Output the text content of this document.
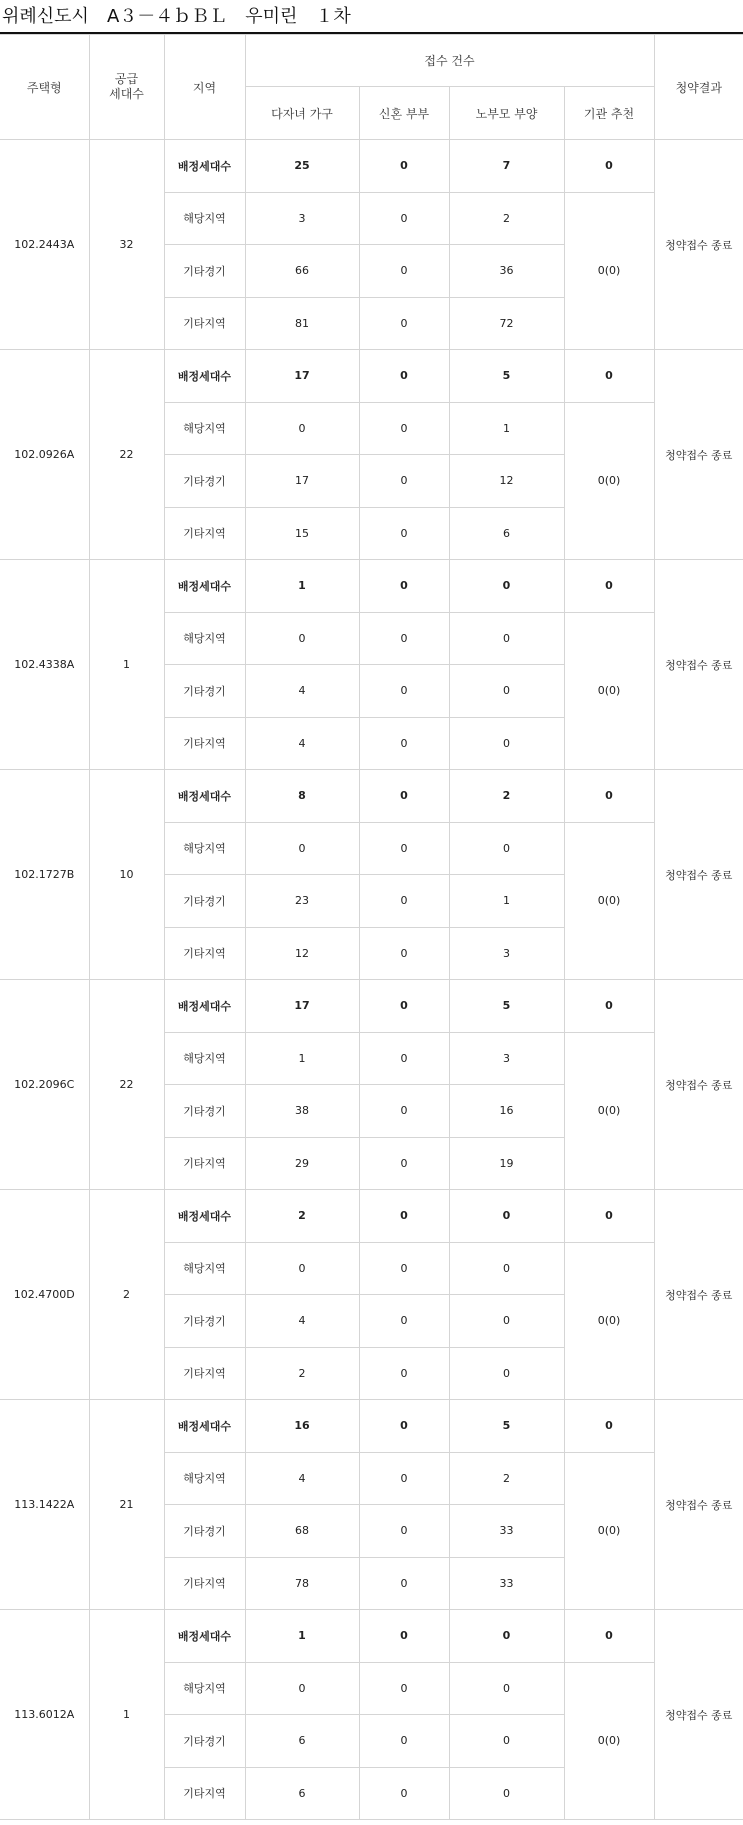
위례신도시　A３－４ｂＢＬ　우미린　１차
주택형	공급
세대수	지역	접수 건수				청약결과
			다자녀 가구	신혼 부부	노부모 부양	기관 추천	
102.2443A	32	배정세대수	25	0	7	0	청약접수 종료
		해당지역	3	0	2	0(0)	
		기타경기	66	0	36		
		기타지역	81	0	72		
102.0926A	22	배정세대수	17	0	5	0	청약접수 종료
		해당지역	0	0	1	0(0)	
		기타경기	17	0	12		
		기타지역	15	0	6		
102.4338A	1	배정세대수	1	0	0	0	청약접수 종료
		해당지역	0	0	0	0(0)	
		기타경기	4	0	0		
		기타지역	4	0	0		
102.1727B	10	배정세대수	8	0	2	0	청약접수 종료
		해당지역	0	0	0	0(0)	
		기타경기	23	0	1		
		기타지역	12	0	3		
102.2096C	22	배정세대수	17	0	5	0	청약접수 종료
		해당지역	1	0	3	0(0)	
		기타경기	38	0	16		
		기타지역	29	0	19		
102.4700D	2	배정세대수	2	0	0	0	청약접수 종료
		해당지역	0	0	0	0(0)	
		기타경기	4	0	0		
		기타지역	2	0	0		
113.1422A	21	배정세대수	16	0	5	0	청약접수 종료
		해당지역	4	0	2	0(0)	
		기타경기	68	0	33		
		기타지역	78	0	33		
113.6012A	1	배정세대수	1	0	0	0	청약접수 종료
		해당지역	0	0	0	0(0)	
		기타경기	6	0	0		
		기타지역	6	0	0		
